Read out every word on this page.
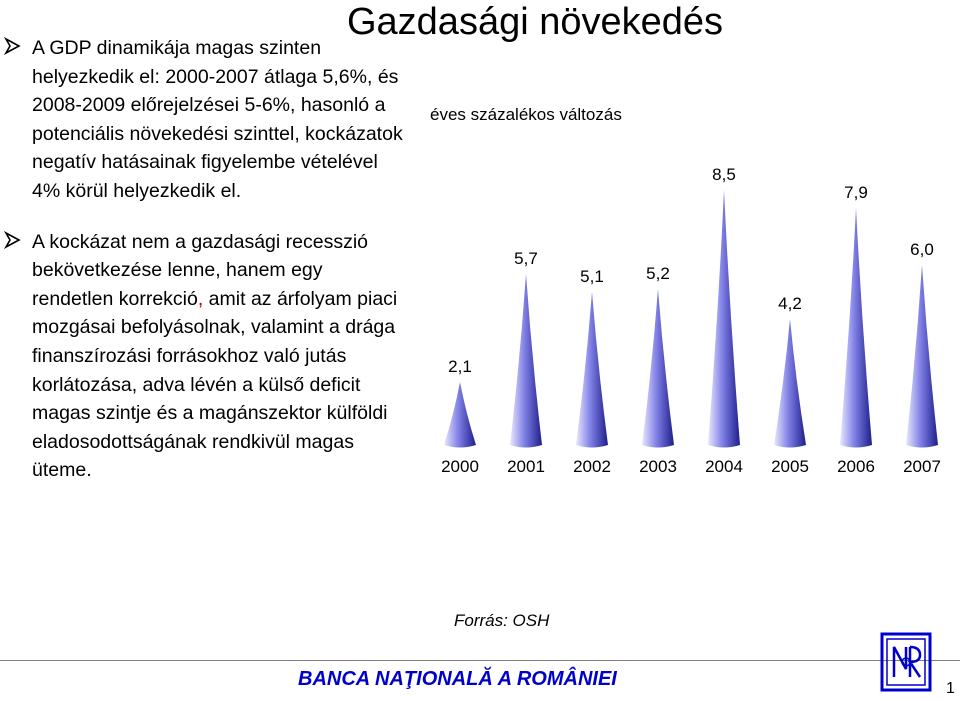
Gazdasági növekedés
A GDP dinamikája magas szinten helyezkedik el: 2000-2007 átlaga 5,6%, és 2008-2009 előrejelzései 5-6%, hasonló a potenciális növekedési szinttel, kockázatok negatív hatásainak figyelembe vételével 4% körül helyezkedik el.
A kockázat nem a gazdasági recesszió bekövetkezése lenne, hanem egy rendetlen korrekció, amit az árfolyam piaci mozgásai befolyásolnak, valamint a drága finanszírozási forrásokhoz való jutás korlátozása, adva lévén a külső deficit magas szintje és a magánszektor külföldi eladosodottságának rendkivül magas üteme.
éves százalékos változás
2,1
2000
5,7
2001
5,1
2002
5,2
2003
8,5
2004
4,2
2005
7,9
2006
6,0
2007
Forrás: OSH
BANCA NAŢIONALĂ A ROMÂNIEI	1
